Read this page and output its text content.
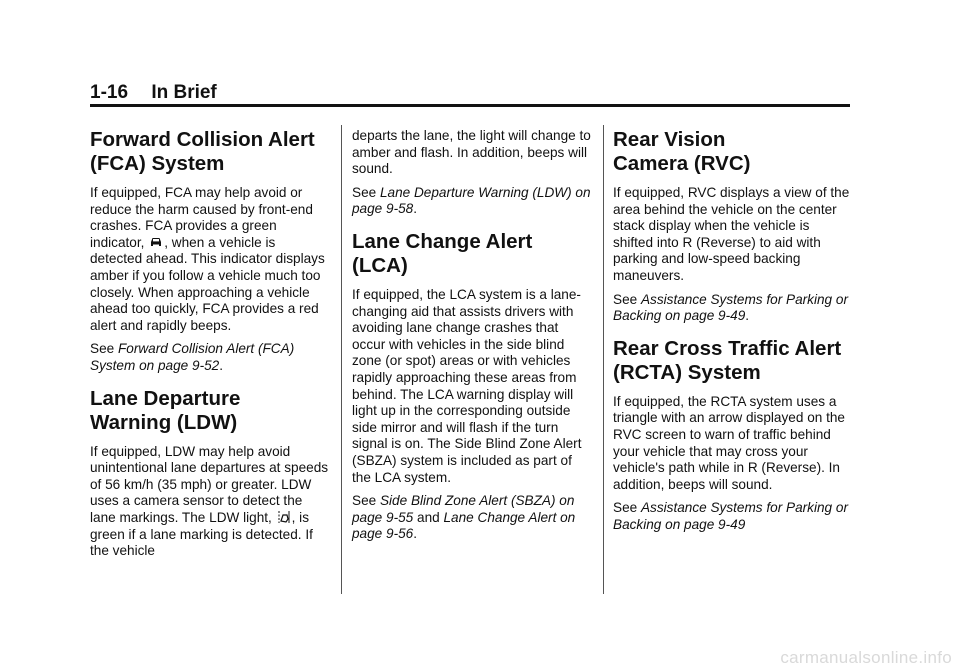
1-16 In Brief
Forward Collision Alert
(FCA) System

If equipped, FCA may help avoid or reduce the harm caused by front-end crashes. FCA provides a green indicator, , when a vehicle is detected ahead. This indicator displays amber if you follow a vehicle much too closely. When approaching a vehicle ahead too quickly, FCA provides a red alert and rapidly beeps.

See Forward Collision Alert (FCA) System on page 9-52.

Lane Departure
Warning (LDW)

If equipped, LDW may help avoid unintentional lane departures at speeds of 56 km/h (35 mph) or greater. LDW uses a camera sensor to detect the lane markings. The LDW light, , is green if a lane marking is detected. If the vehicle

departs the lane, the light will change to amber and flash. In addition, beeps will sound.

See Lane Departure Warning (LDW) on page 9-58.

Lane Change Alert (LCA)

If equipped, the LCA system is a lane-changing aid that assists drivers with avoiding lane change crashes that occur with vehicles in the side blind zone (or spot) areas or with vehicles rapidly approaching these areas from behind. The LCA warning display will light up in the corresponding outside side mirror and will flash if the turn signal is on. The Side Blind Zone Alert (SBZA) system is included as part of the LCA system.

See Side Blind Zone Alert (SBZA) on page 9-55 and Lane Change Alert on page 9-56.

Rear Vision
Camera (RVC)

If equipped, RVC displays a view of the area behind the vehicle on the center stack display when the vehicle is shifted into R (Reverse) to aid with parking and low-speed backing maneuvers.

See Assistance Systems for Parking or Backing on page 9-49.

Rear Cross Traffic Alert
(RCTA) System

If equipped, the RCTA system uses a triangle with an arrow displayed on the RVC screen to warn of traffic behind your vehicle that may cross your vehicle's path while in R (Reverse). In addition, beeps will sound.

See Assistance Systems for Parking or Backing on page 9-49

carmanualsonline.info
